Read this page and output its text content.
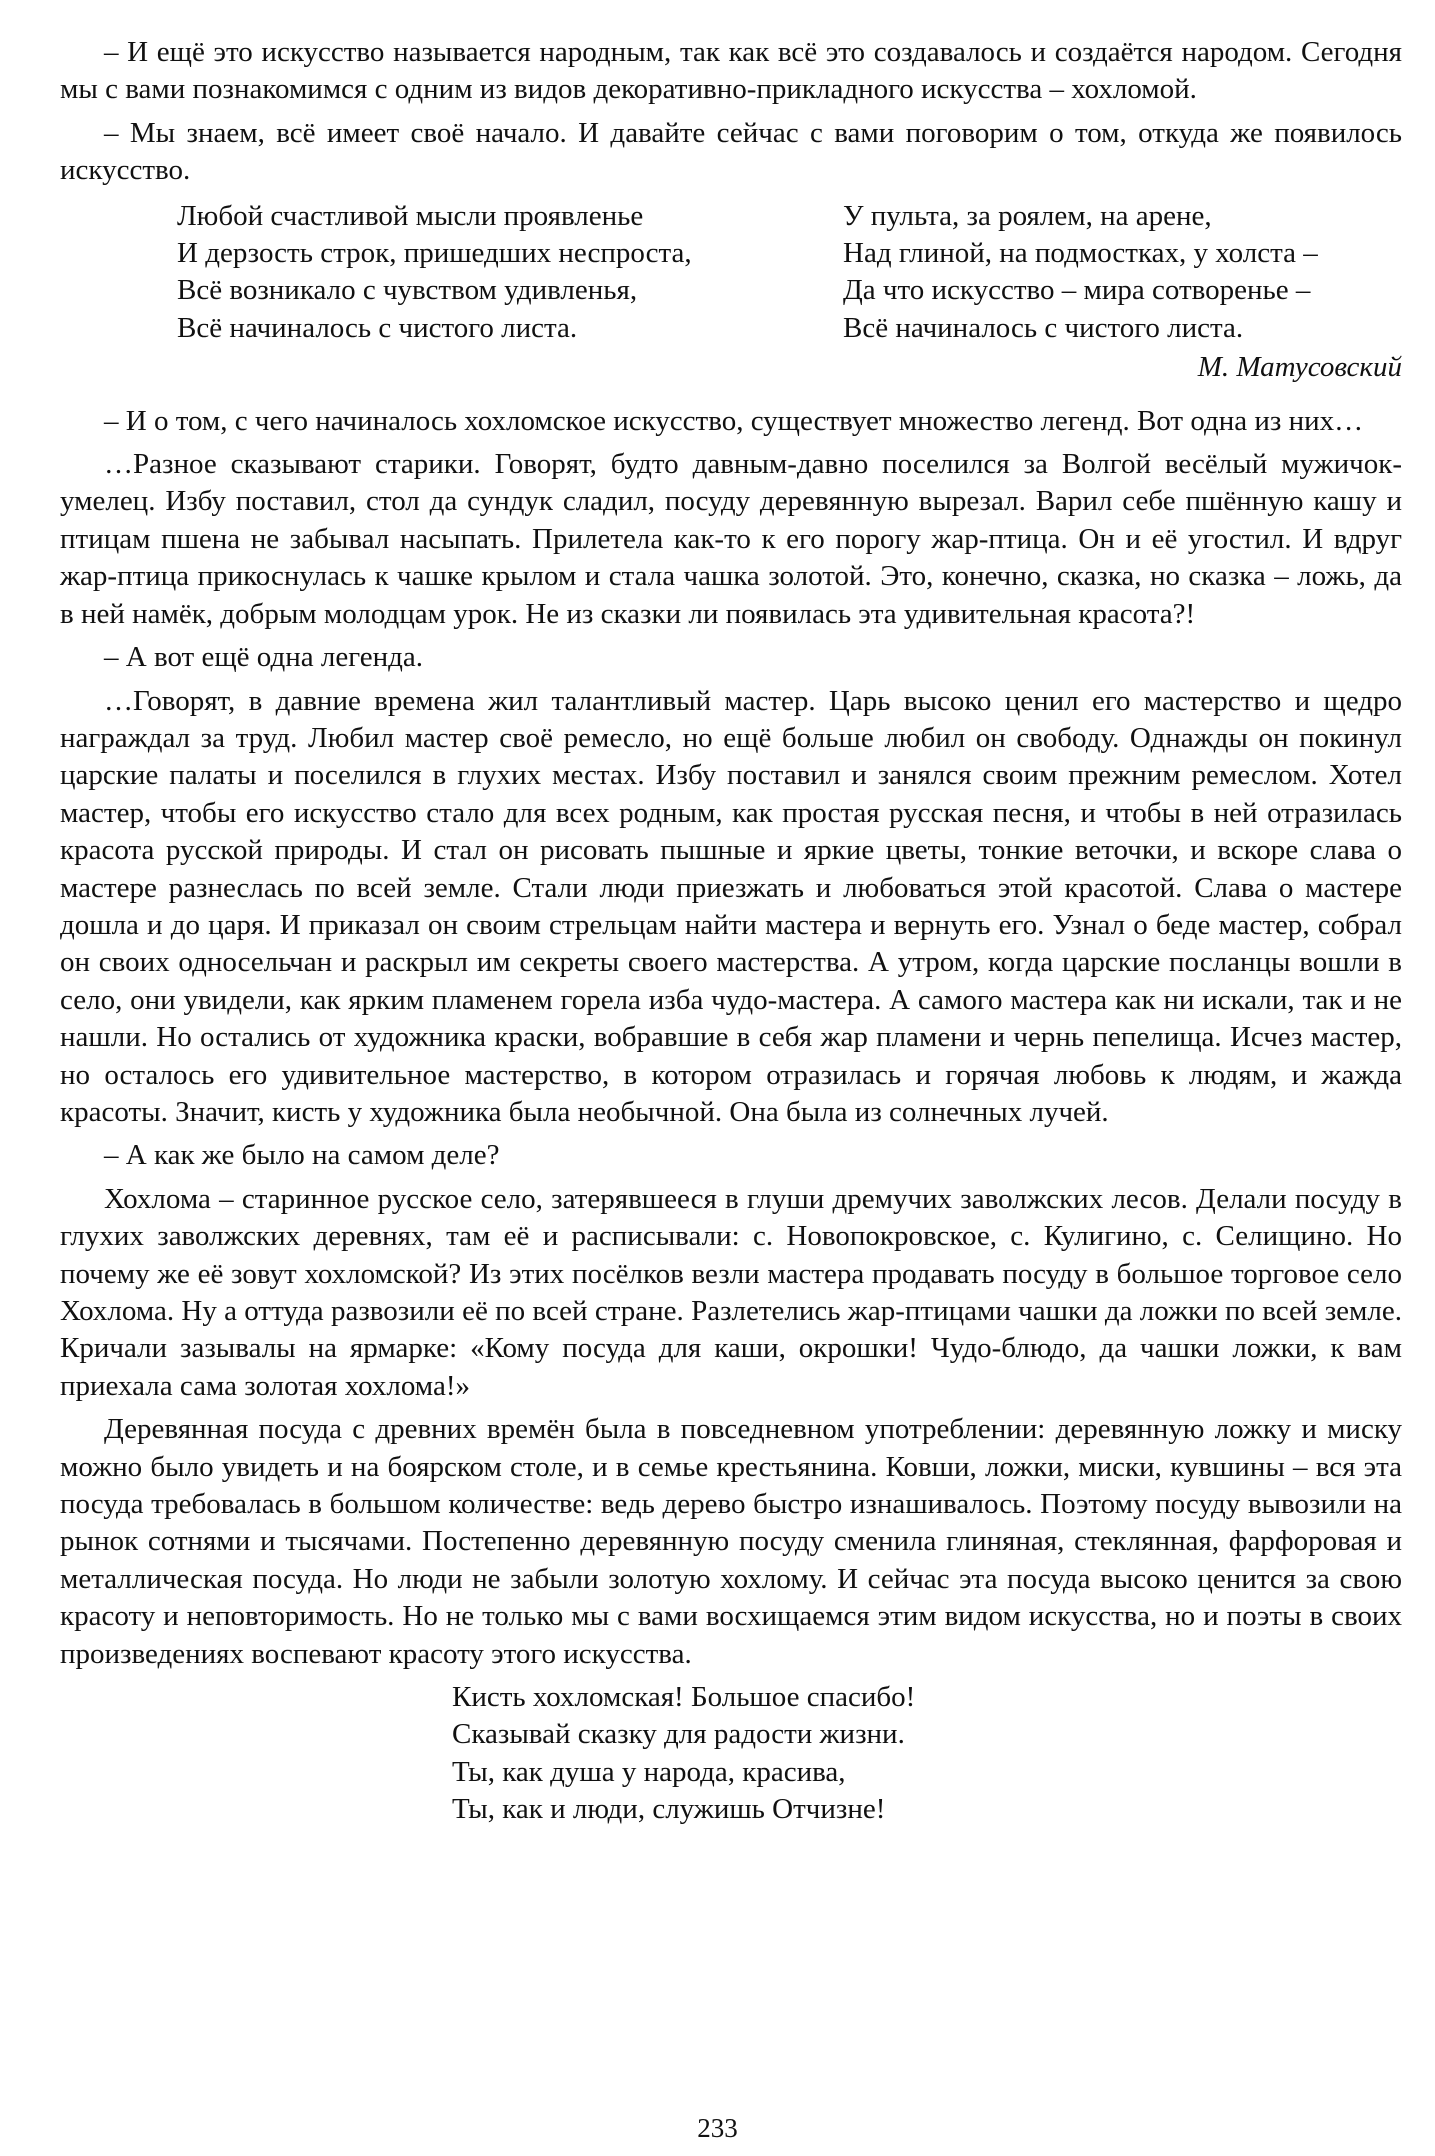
– И ещё это искусство называется народным, так как всё это создавалось и создаётся народом. Сегодня мы с вами познакомимся с одним из видов декоративно-прикладного искусства – хохломой.

– Мы знаем, всё имеет своё начало. И давайте сейчас с вами поговорим о том, откуда же появилось искусство.

Любой счастливой мысли проявленье
И дерзость строк, пришедших неспроста,
Всё возникало с чувством удивленья,
Всё начиналось с чистого листа.
У пульта, за роялем, на арене,
Над глиной, на подмостках, у холста –
Да что искусство – мира сотворенье –
Всё начиналось с чистого листа.
М. Матусовский

– И о том, с чего начиналось хохломское искусство, существует множество легенд. Вот одна из них…

…Разное сказывают старики. Говорят, будто давным-давно поселился за Волгой весёлый мужичок-умелец. Избу поставил, стол да сундук сладил, посуду деревянную вырезал. Варил себе пшённую кашу и птицам пшена не забывал насыпать. Прилетела как-то к его порогу жар-птица. Он и её угостил. И вдруг жар-птица прикоснулась к чашке крылом и стала чашка золотой. Это, конечно, сказка, но сказка – ложь, да в ней намёк, добрым молодцам урок. Не из сказки ли появилась эта удивительная красота?!

– А вот ещё одна легенда.

…Говорят, в давние времена жил талантливый мастер. Царь высоко ценил его мастерство и щедро награждал за труд. Любил мастер своё ремесло, но ещё больше любил он свободу. Однажды он покинул царские палаты и поселился в глухих местах. Избу поставил и занялся своим прежним ремеслом. Хотел мастер, чтобы его искусство стало для всех родным, как простая русская песня, и чтобы в ней отразилась красота русской природы. И стал он рисовать пышные и яркие цветы, тонкие веточки, и вскоре слава о мастере разнеслась по всей земле. Стали люди приезжать и любоваться этой красотой. Слава о мастере дошла и до царя. И приказал он своим стрельцам найти мастера и вернуть его. Узнал о беде мастер, собрал он своих односельчан и раскрыл им секреты своего мастерства. А утром, когда царские посланцы вошли в село, они увидели, как ярким пламенем горела изба чудо-мастера. А самого мастера как ни искали, так и не нашли. Но остались от художника краски, вобравшие в себя жар пламени и чернь пепелища. Исчез мастер, но осталось его удивительное мастерство, в котором отразилась и горячая любовь к людям, и жажда красоты. Значит, кисть у художника была необычной. Она была из солнечных лучей.

– А как же было на самом деле?

Хохлома – старинное русское село, затерявшееся в глуши дремучих заволжских лесов. Делали посуду в глухих заволжских деревнях, там её и расписывали: с. Новопокровское, с. Кулигино, с. Селищино. Но почему же её зовут хохломской? Из этих посёлков везли мастера продавать посуду в большое торговое село Хохлома. Ну а оттуда развозили её по всей стране. Разлетелись жар-птицами чашки да ложки по всей земле. Кричали зазывалы на ярмарке: «Кому посуда для каши, окрошки! Чудо-блюдо, да чашки ложки, к вам приехала сама золотая хохлома!»

Деревянная посуда с древних времён была в повседневном употреблении: деревянную ложку и миску можно было увидеть и на боярском столе, и в семье крестьянина. Ковши, ложки, миски, кувшины – вся эта посуда требовалась в большом количестве: ведь дерево быстро изнашивалось. Поэтому посуду вывозили на рынок сотнями и тысячами. Постепенно деревянную посуду сменила глиняная, стеклянная, фарфоровая и металлическая посуда. Но люди не забыли золотую хохлому. И сейчас эта посуда высоко ценится за свою красоту и неповторимость. Но не только мы с вами восхищаемся этим видом искусства, но и поэты в своих произведениях воспевают красоту этого искусства.

Кисть хохломская! Большое спасибо!
Сказывай сказку для радости жизни.
Ты, как душа у народа, красива,
Ты, как и люди, служишь Отчизне!
233
